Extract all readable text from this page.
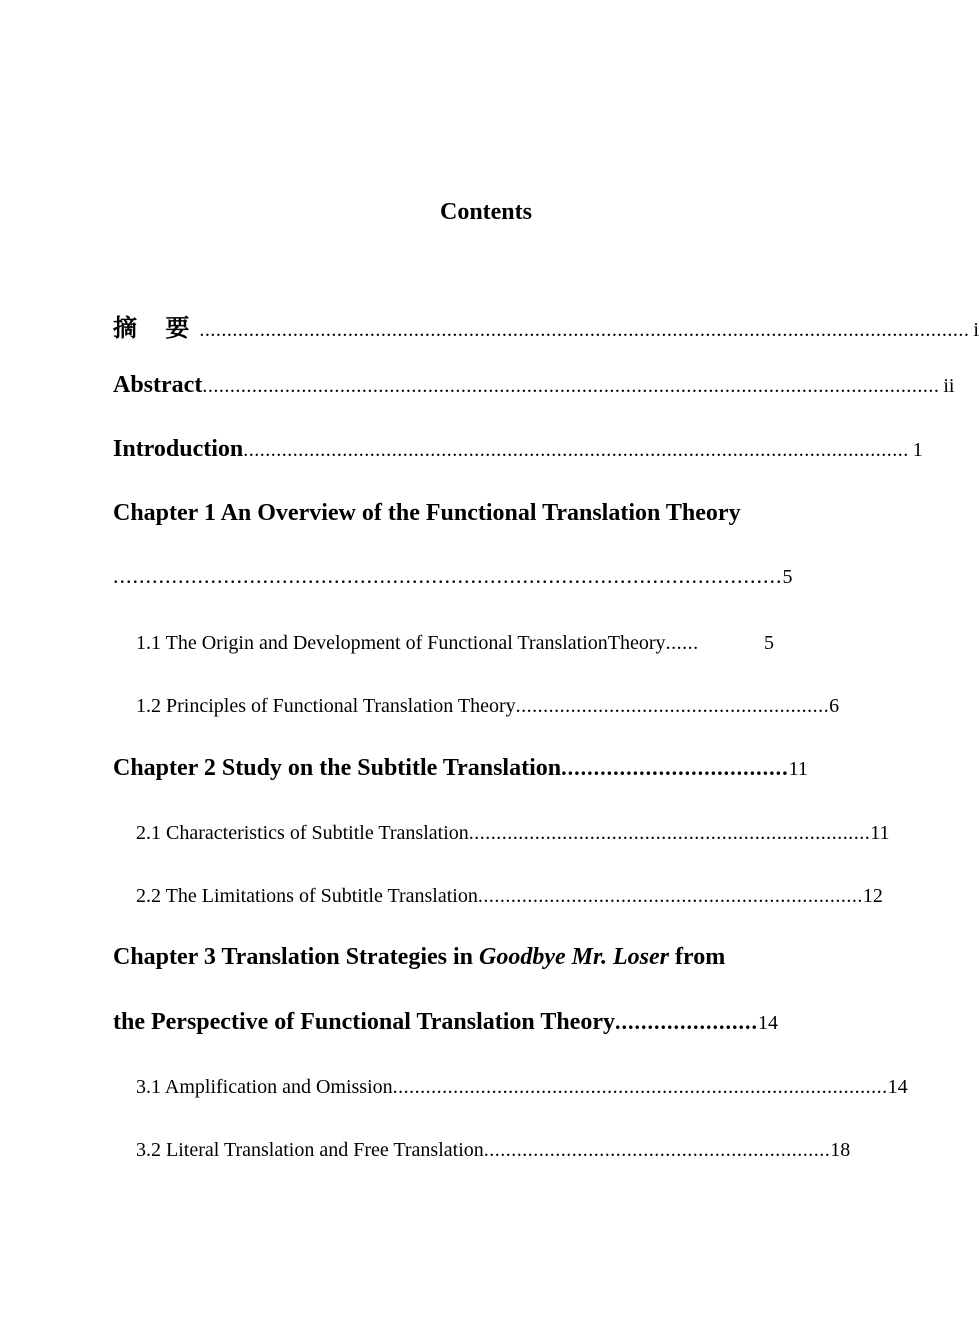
Contents
摘 要 ............................................................................................................................................ i
Abstract ...................................................................................................................................... ii
Introduction ......................................................................................................................... 1
Chapter 1 An Overview of the Functional Translation Theory
....................................................................................................... 5
1.1 The Origin and Development of Functional TranslationTheory ......	5
1.2 Principles of Functional Translation Theory ......................................................... 6
Chapter 2 Study on the Subtitle Translation ................................... 11
2.1 Characteristics of Subtitle Translation ......................................................................... 11
2.2 The Limitations of Subtitle Translation ...................................................................... 12
Chapter 3 Translation Strategies in Goodbye Mr. Loser from
the Perspective of Functional Translation Theory ...................... 14
3.1 Amplification and Omission .......................................................................................... 14
3.2 Literal Translation and Free Translation ............................................................... 18
